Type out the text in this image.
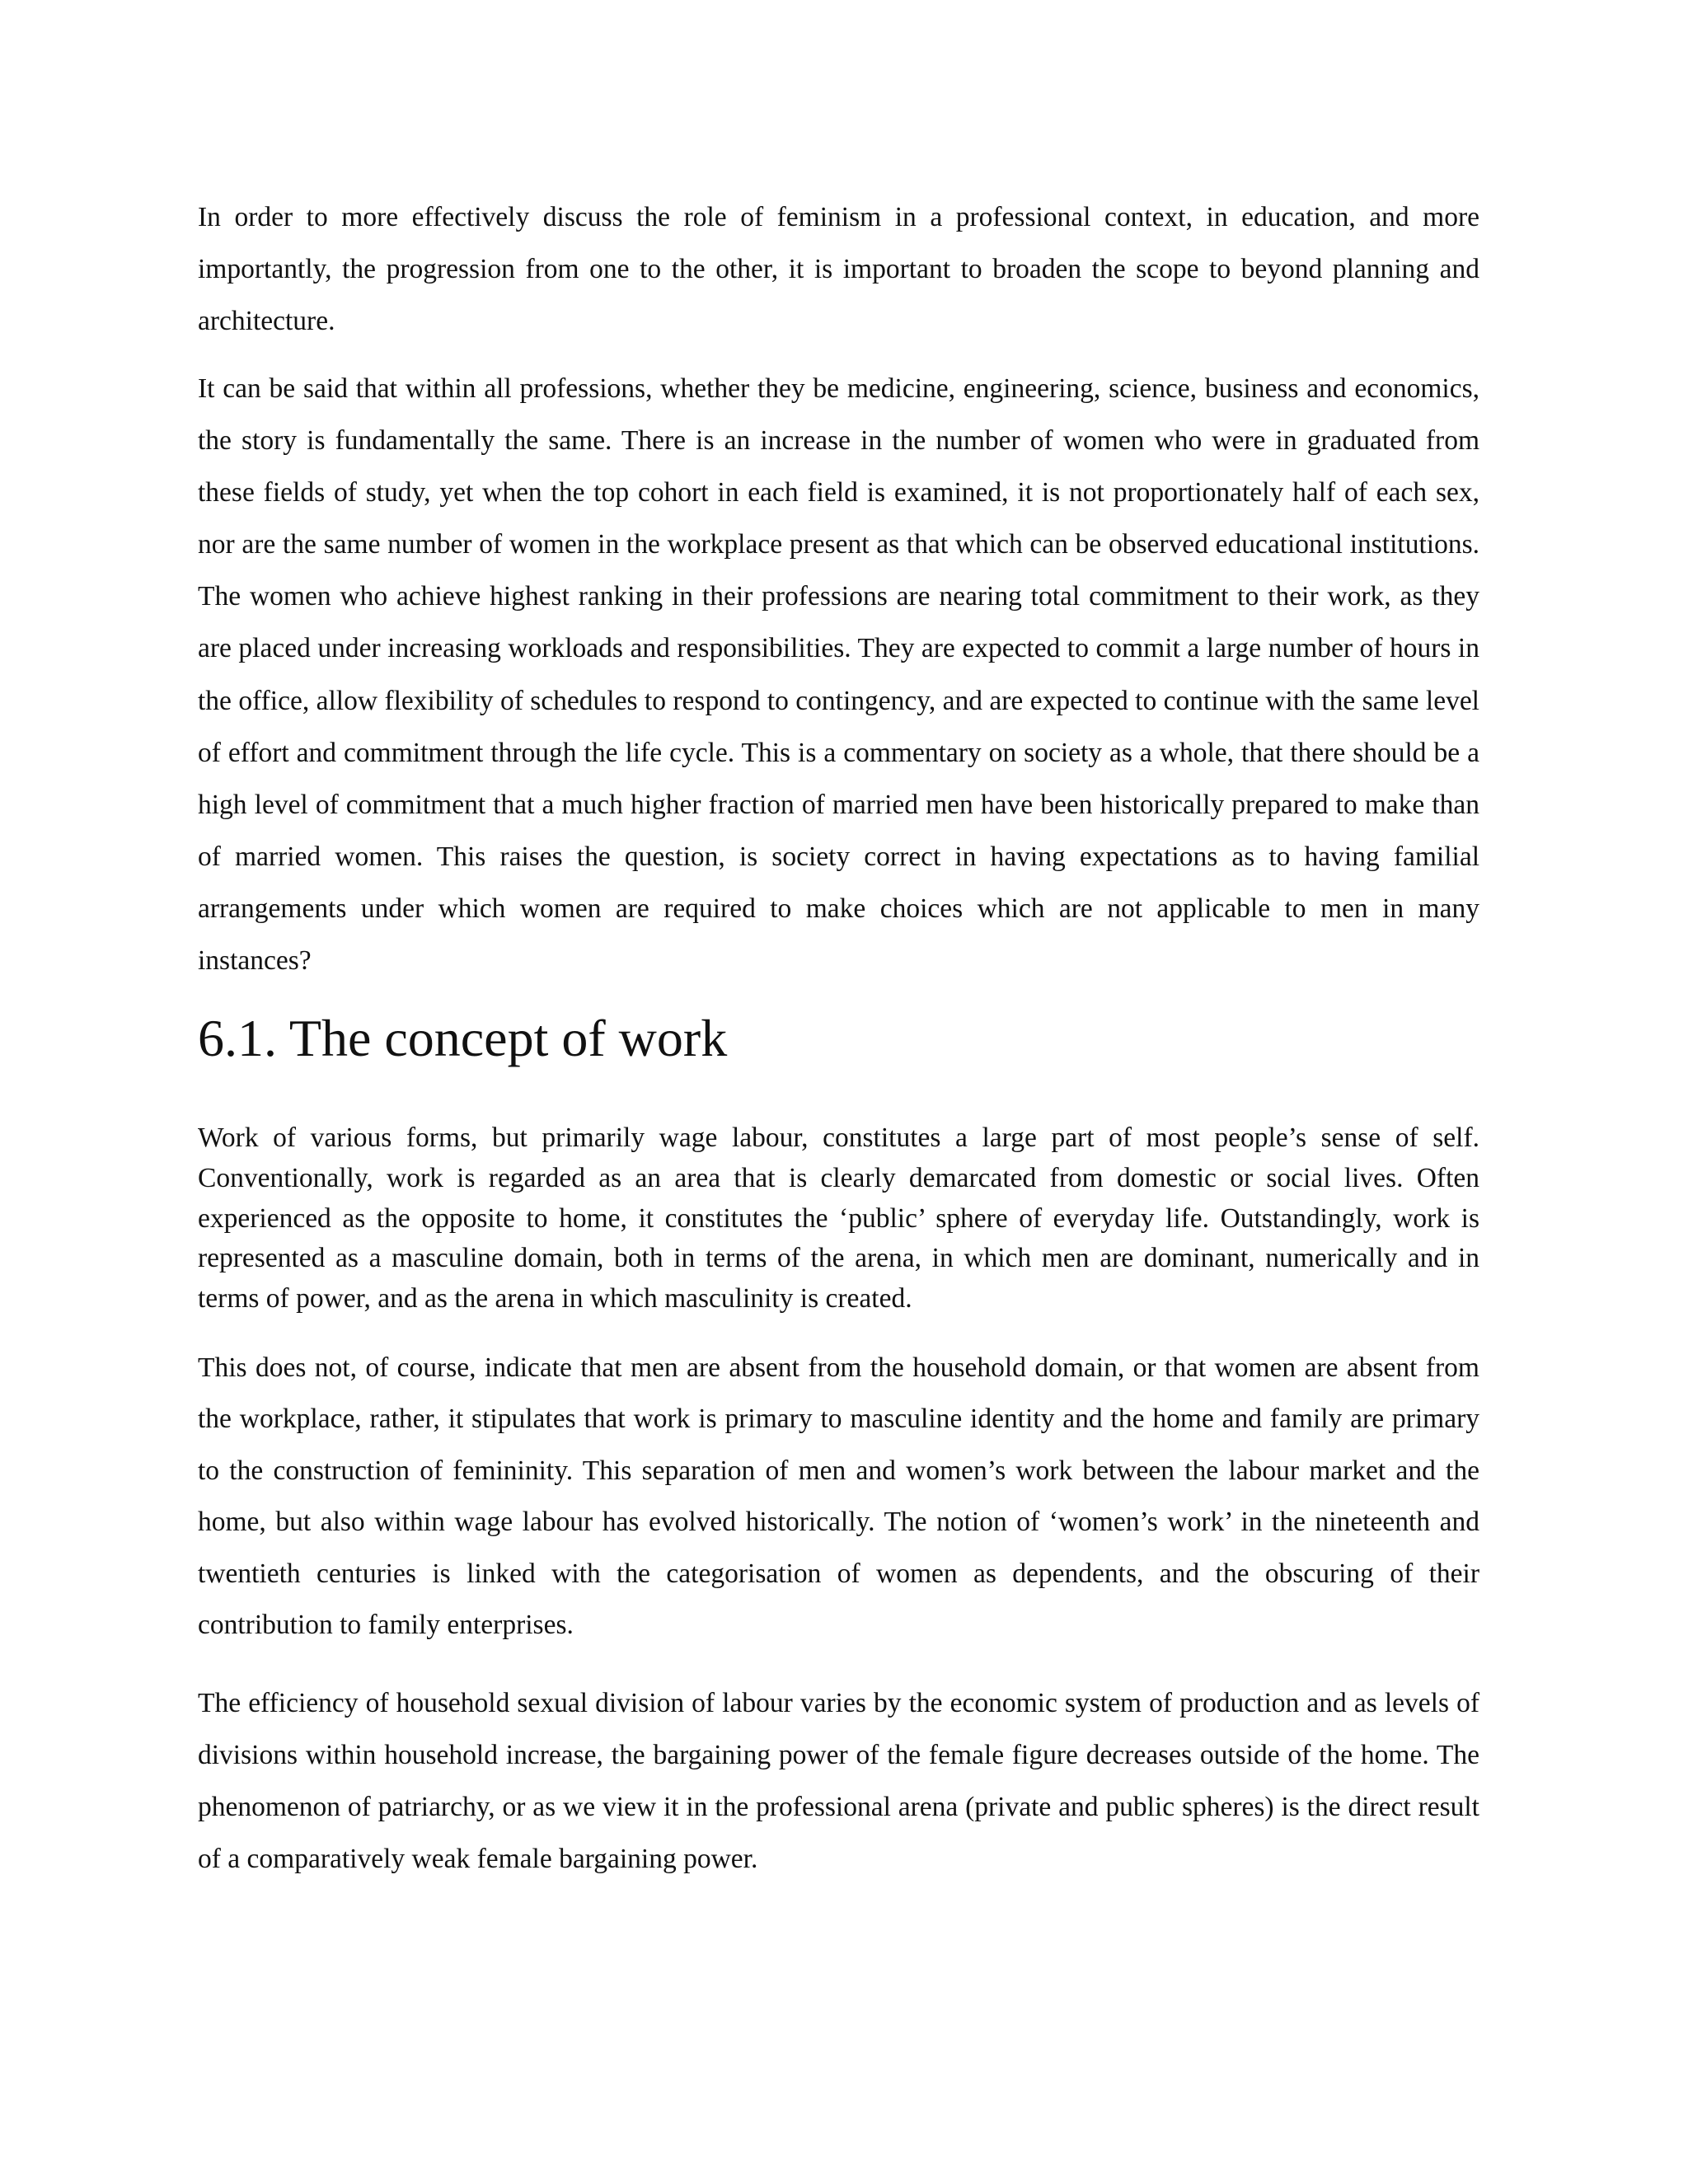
In order to more effectively discuss the role of feminism in a professional context, in education, and more importantly, the progression from one to the other, it is important to broaden the scope to beyond planning and architecture.

It can be said that within all professions, whether they be medicine, engineering, science, business and economics, the story is fundamentally the same. There is an increase in the number of women who were in graduated from these fields of study, yet when the top cohort in each field is examined, it is not proportionately half of each sex, nor are the same number of women in the workplace present as that which can be observed educational institutions. The women who achieve highest ranking in their professions are nearing total commitment to their work, as they are placed under increasing workloads and responsibilities. They are expected to commit a large number of hours in the office, allow flexibility of schedules to respond to contingency, and are expected to continue with the same level of effort and commitment through the life cycle. This is a commentary on society as a whole, that there should be a high level of commitment that a much higher fraction of married men have been historically prepared to make than of married women. This raises the question, is society correct in having expectations as to having familial arrangements under which women are required to make choices which are not applicable to men in many instances?

6.1. The concept of work

Work of various forms, but primarily wage labour, constitutes a large part of most people’s sense of self. Conventionally, work is regarded as an area that is clearly demarcated from domestic or social lives. Often experienced as the opposite to home, it constitutes the ‘public’ sphere of everyday life. Outstandingly, work is represented as a masculine domain, both in terms of the arena, in which men are dominant, numerically and in terms of power, and as the arena in which masculinity is created.

This does not, of course, indicate that men are absent from the household domain, or that women are absent from the workplace, rather, it stipulates that work is primary to masculine identity and the home and family are primary to the construction of femininity. This separation of men and women’s work between the labour market and the home, but also within wage labour has evolved historically. The notion of ‘women’s work’ in the nineteenth and twentieth centuries is linked with the categorisation of women as dependents, and the obscuring of their contribution to family enterprises.

The efficiency of household sexual division of labour varies by the economic system of production and as levels of divisions within household increase, the bargaining power of the female figure decreases outside of the home. The phenomenon of patriarchy, or as we view it in the professional arena (private and public spheres) is the direct result of a comparatively weak female bargaining power.
